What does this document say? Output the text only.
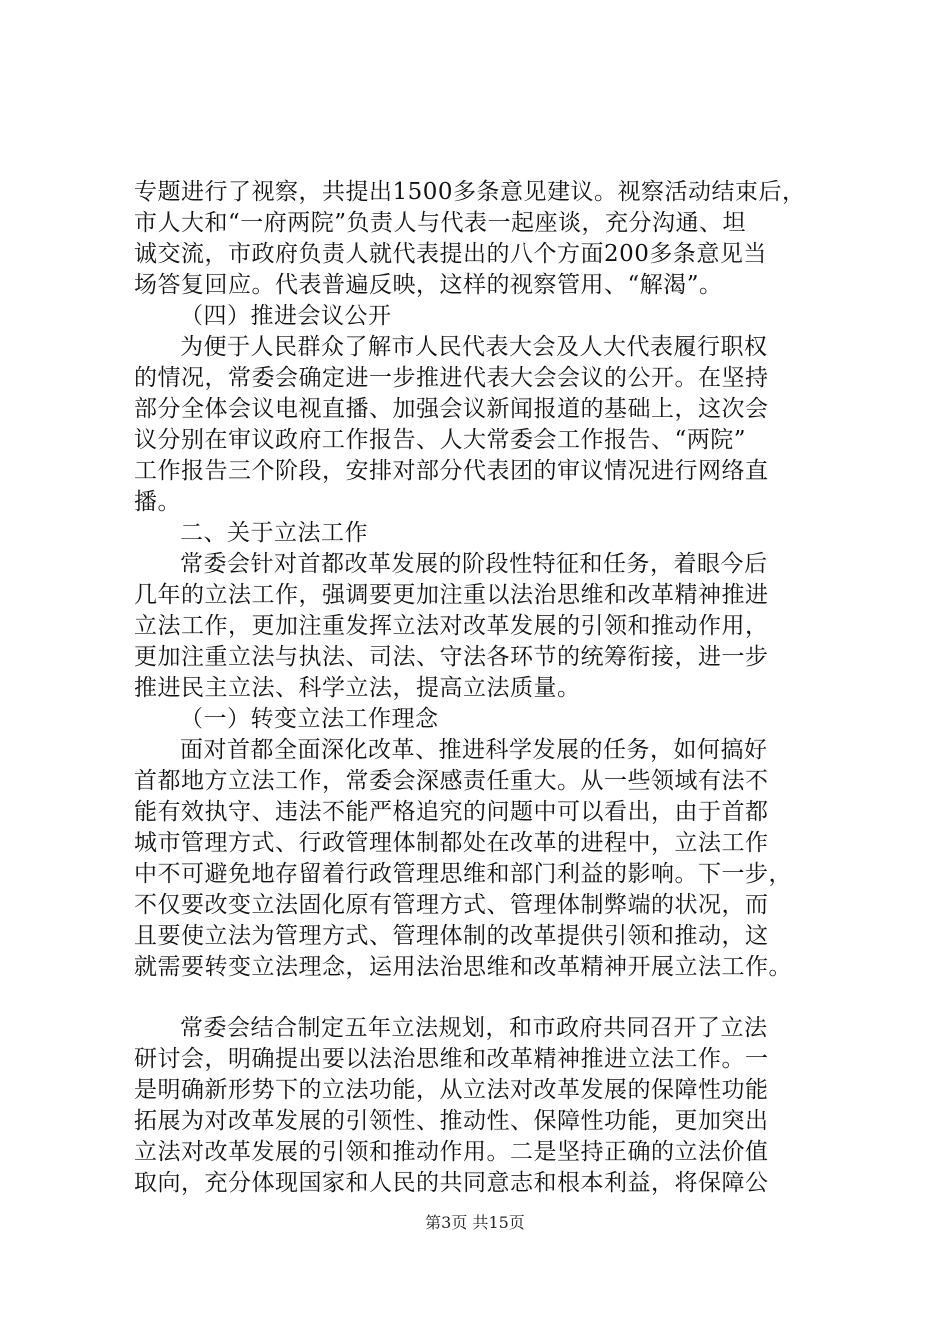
专题进行了视察，共提出1500多条意见建议。视察活动结束后，
市人大和“一府两院”负责人与代表一起座谈，充分沟通、坦
诚交流，市政府负责人就代表提出的八个方面200多条意见当
场答复回应。代表普遍反映，这样的视察管用、“解渴”。
（四）推进会议公开
为便于人民群众了解市人民代表大会及人大代表履行职权
的情况，常委会确定进一步推进代表大会会议的公开。在坚持
部分全体会议电视直播、加强会议新闻报道的基础上，这次会
议分别在审议政府工作报告、人大常委会工作报告、“两院”
工作报告三个阶段，安排对部分代表团的审议情况进行网络直
播。
二、关于立法工作
常委会针对首都改革发展的阶段性特征和任务，着眼今后
几年的立法工作，强调要更加注重以法治思维和改革精神推进
立法工作，更加注重发挥立法对改革发展的引领和推动作用，
更加注重立法与执法、司法、守法各环节的统筹衔接，进一步
推进民主立法、科学立法，提高立法质量。
（一）转变立法工作理念
面对首都全面深化改革、推进科学发展的任务，如何搞好
首都地方立法工作，常委会深感责任重大。从一些领域有法不
能有效执守、违法不能严格追究的问题中可以看出，由于首都
城市管理方式、行政管理体制都处在改革的进程中，立法工作
中不可避免地存留着行政管理思维和部门利益的影响。下一步，
不仅要改变立法固化原有管理方式、管理体制弊端的状况，而
且要使立法为管理方式、管理体制的改革提供引领和推动，这
就需要转变立法理念，运用法治思维和改革精神开展立法工作。
常委会结合制定五年立法规划，和市政府共同召开了立法
研讨会，明确提出要以法治思维和改革精神推进立法工作。一
是明确新形势下的立法功能，从立法对改革发展的保障性功能
拓展为对改革发展的引领性、推动性、保障性功能，更加突出
立法对改革发展的引领和推动作用。二是坚持正确的立法价值
取向，充分体现国家和人民的共同意志和根本利益，将保障公
第3页 共15页
